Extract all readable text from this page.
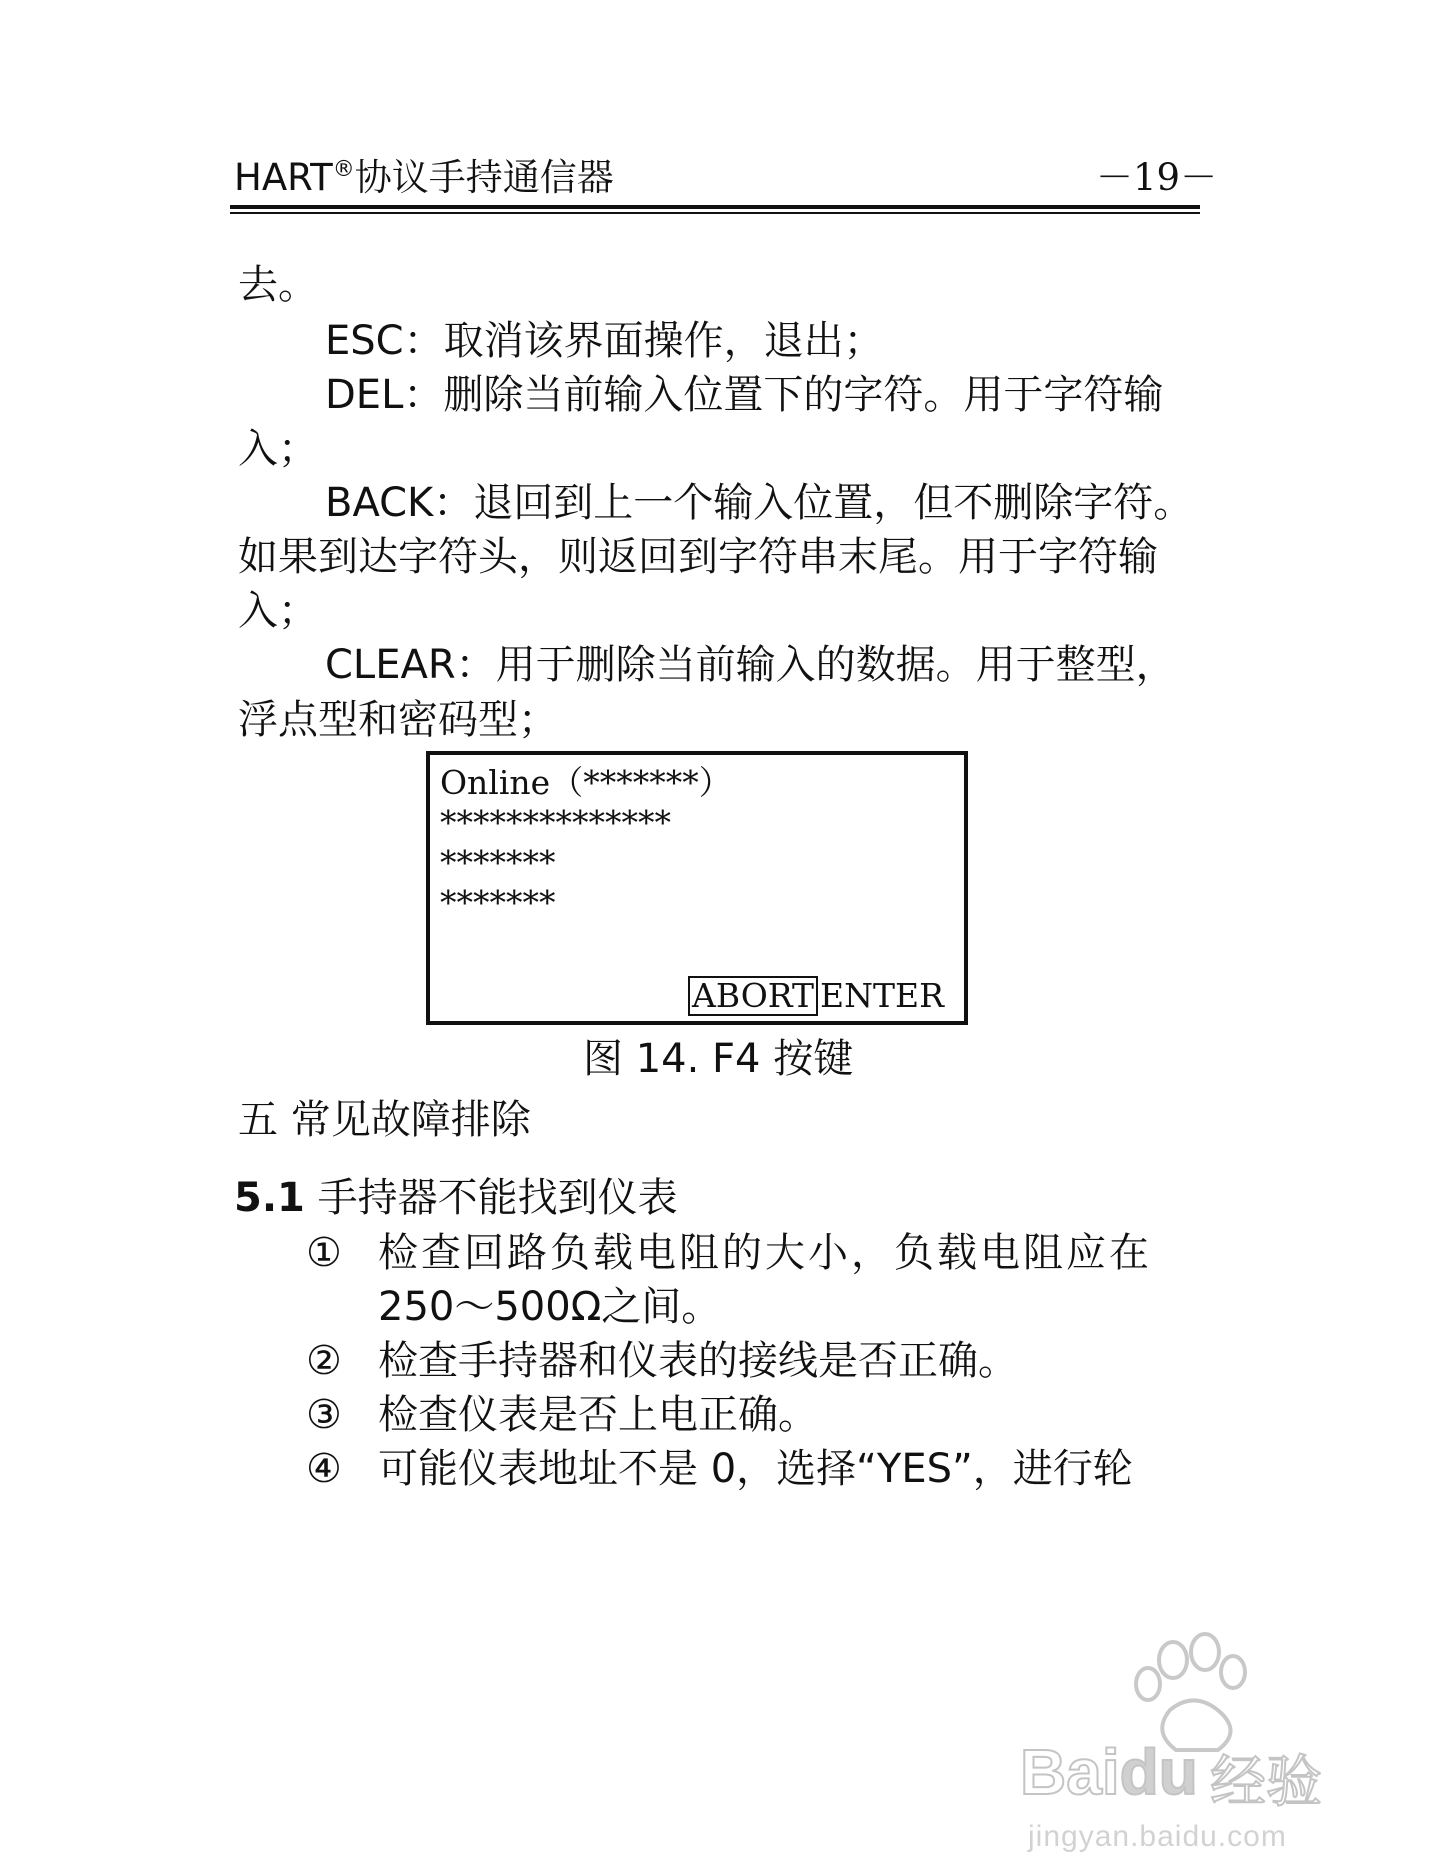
HART®协议手持通信器	－19－
去。
ESC：取消该界面操作，退出；
DEL：删除当前输入位置下的字符。用于字符输
入；
BACK：退回到上一个输入位置，但不删除字符。
如果到达字符头，则返回到字符串末尾。用于字符输
入；
CLEAR：用于删除当前输入的数据。用于整型，
浮点型和密码型；
Online（*******）
**************
*******
*******
ABORT ENTER
图 14. F4 按键
五 常见故障排除
5.1 手持器不能找到仪表
① 检查回路负载电阻的大小，负载电阻应在
250～500Ω之间。
② 检查手持器和仪表的接线是否正确。
③ 检查仪表是否上电正确。
④ 可能仪表地址不是 0，选择“YES”，进行轮
Baidu 经验
jingyan.baidu.com
